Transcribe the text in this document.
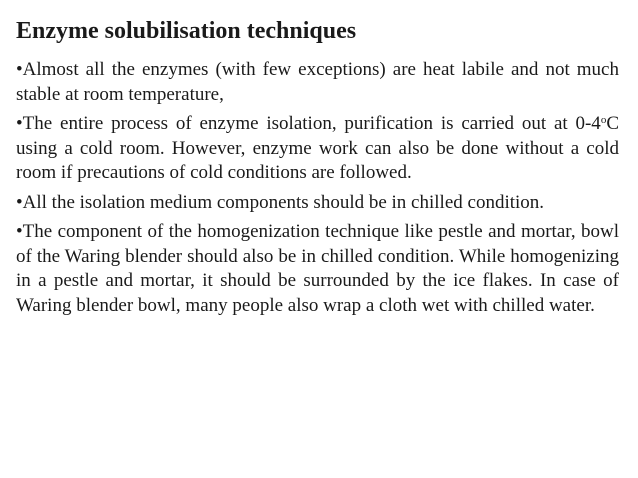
Enzyme solubilisation techniques

•Almost all the enzymes (with few exceptions) are heat labile and not much stable at room temperature,

•The entire process of enzyme isolation, purification is carried out at 0-4$^o$C using a cold room. However, enzyme work can also be done without a cold room if precautions of cold conditions are followed.

•All the isolation medium components should be in chilled condition.

•The component of the homogenization technique like pestle and mortar, bowl of the Waring blender should also be in chilled condition. While homogenizing in a pestle and mortar, it should be surrounded by the ice flakes. In case of Waring blender bowl, many people also wrap a cloth wet with chilled water.
